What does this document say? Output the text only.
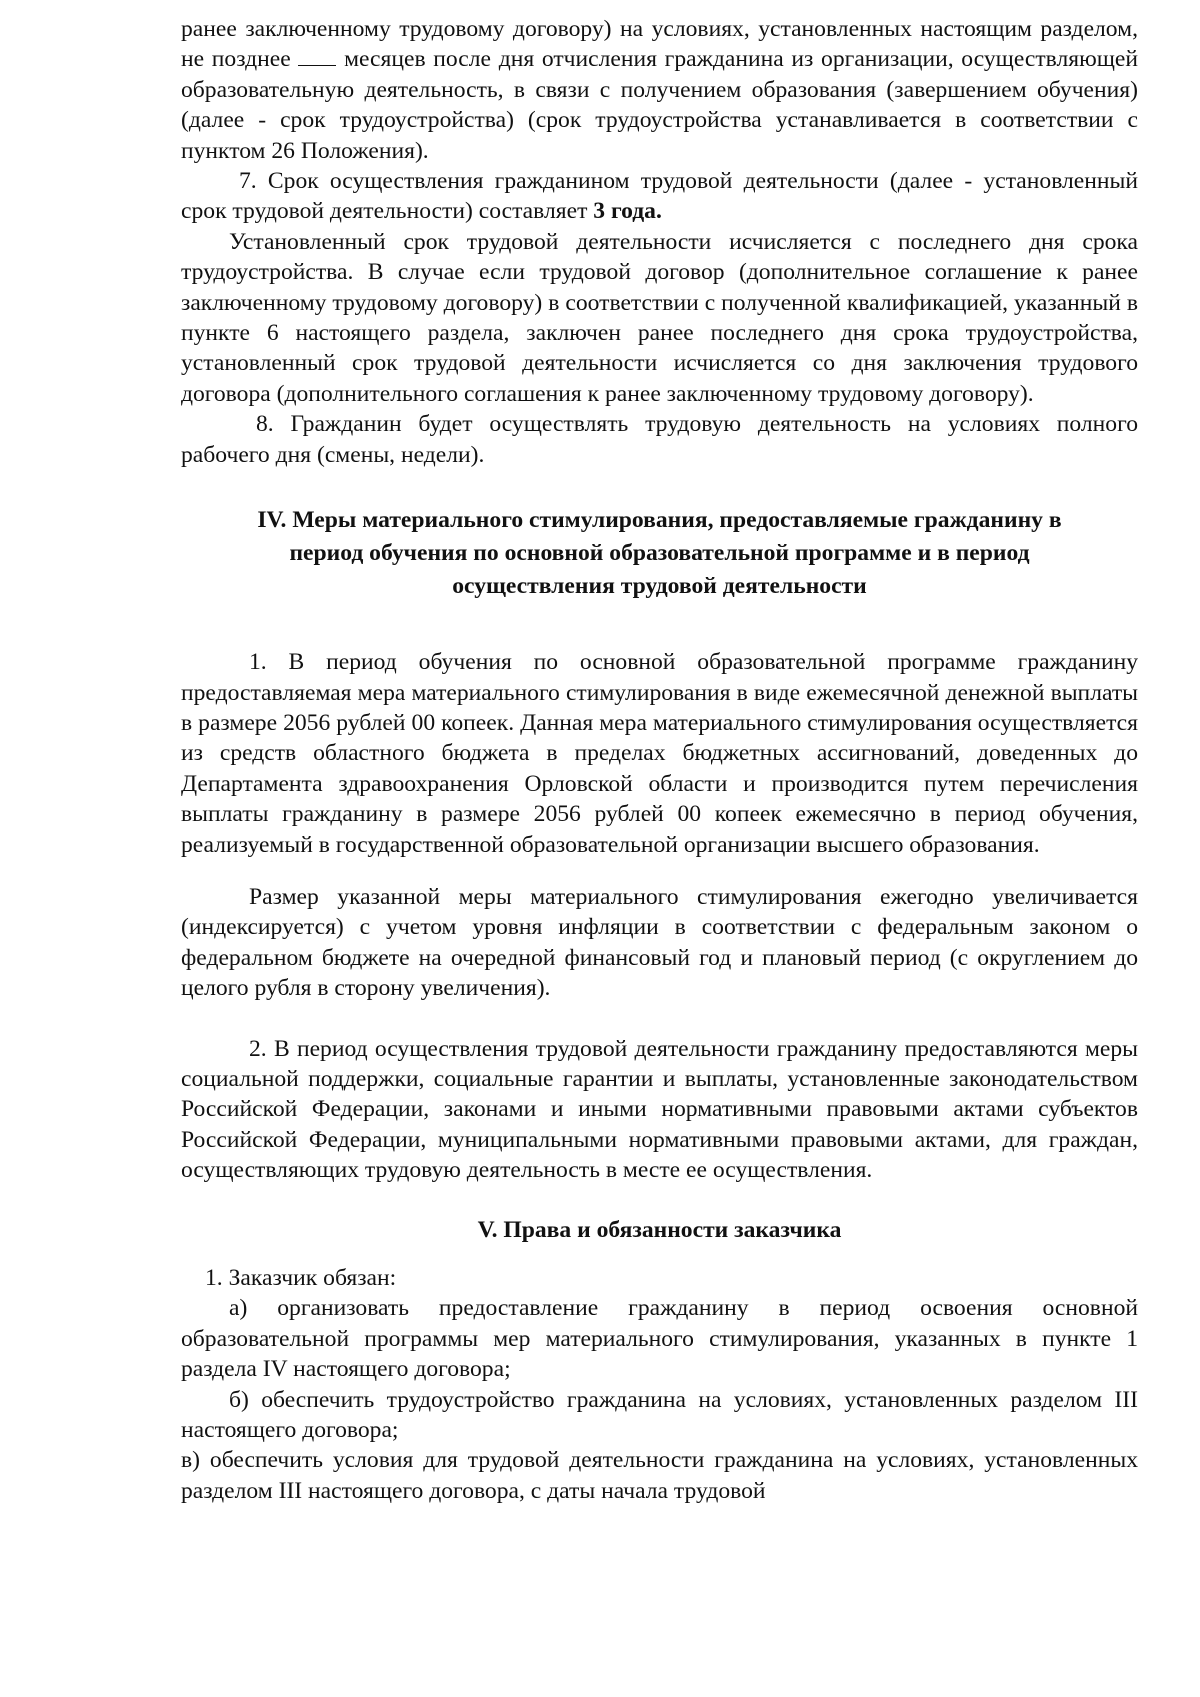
ранее заключенному трудовому договору) на условиях, установленных настоящим разделом, не позднее месяцев после дня отчисления гражданина из организации, осуществляющей образовательную деятельность, в связи с получением образования (завершением обучения) (далее - срок трудоустройства) (срок трудоустройства устанавливается в соответствии с пунктом 26 Положения).

7. Срок осуществления гражданином трудовой деятельности (далее - установленный срок трудовой деятельности) составляет 3 года.

Установленный срок трудовой деятельности исчисляется с последнего дня срока трудоустройства. В случае если трудовой договор (дополнительное соглашение к ранее заключенному трудовому договору) в соответствии с полученной квалификацией, указанный в пункте 6 настоящего раздела, заключен ранее последнего дня срока трудоустройства, установленный срок трудовой деятельности исчисляется со дня заключения трудового договора (дополнительного соглашения к ранее заключенному трудовому договору).

8. Гражданин будет осуществлять трудовую деятельность на условиях полного рабочего дня (смены, недели).

IV. Меры материального стимулирования, предоставляемые гражданину в
период обучения по основной образовательной программе и в период
осуществления трудовой деятельности

1. В период обучения по основной образовательной программе гражданину предоставляемая мера материального стимулирования в виде ежемесячной денежной выплаты в размере 2056 рублей 00 копеек. Данная мера материального стимулирования осуществляется из средств областного бюджета в пределах бюджетных ассигнований, доведенных до Департамента здравоохранения Орловской области и производится путем перечисления выплаты гражданину в размере 2056 рублей 00 копеек ежемесячно в период обучения, реализуемый в государственной образовательной организации высшего образования.

Размер указанной меры материального стимулирования ежегодно увеличивается (индексируется) с учетом уровня инфляции в соответствии с федеральным законом о федеральном бюджете на очередной финансовый год и плановый период (с округлением до целого рубля в сторону увеличения).

2. В период осуществления трудовой деятельности гражданину предоставляются меры социальной поддержки, социальные гарантии и выплаты, установленные законодательством Российской Федерации, законами и иными нормативными правовыми актами субъектов Российской Федерации, муниципальными нормативными правовыми актами, для граждан, осуществляющих трудовую деятельность в месте ее осуществления.

V. Права и обязанности заказчика

1. Заказчик обязан:

а) организовать предоставление гражданину в период освоения основной образовательной программы мер материального стимулирования, указанных в пункте 1 раздела IV настоящего договора;

б) обеспечить трудоустройство гражданина на условиях, установленных разделом III настоящего договора;

в) обеспечить условия для трудовой деятельности гражданина на условиях, установленных разделом III настоящего договора, с даты начала трудовой
